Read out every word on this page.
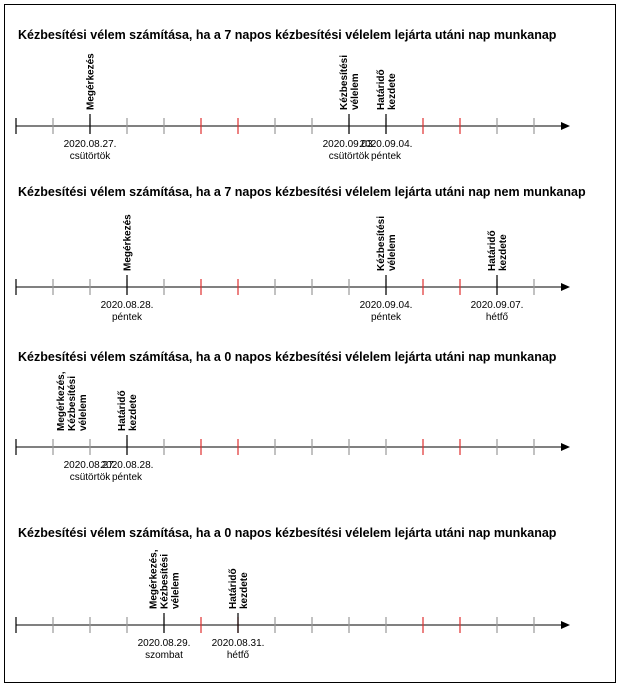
Kézbesítési vélem számítása, ha a 7 napos kézbesítési vélelem lejárta utáni nap munkanap
Megérkezés	Kézbesítésivélelem Határidőkezdete
2020.08.27.
csütörtök
2020.09.03.
csütörtök
2020.09.04.
péntek
Kézbesítési vélem számítása, ha a 7 napos kézbesítési vélelem lejárta utáni nap nem munkanap
Megérkezés	Kézbesítésivélelem	Határidőkezdete
2020.08.28.
péntek
2020.09.04.
péntek
2020.09.07.
hétfő
Kézbesítési vélem számítása, ha a 0 napos kézbesítési vélelem lejárta utáni nap munkanap
Megérkezés,Kézbesítésivélelem	Határidőkezdete
2020.08.27.
csütörtök
2020.08.28.
péntek
Kézbesítési vélem számítása, ha a 0 napos kézbesítési vélelem lejárta utáni nap munkanap
Megérkezés,Kézbesítésivélelem	Határidőkezdete
2020.08.29.
szombat
2020.08.31.
hétfő
